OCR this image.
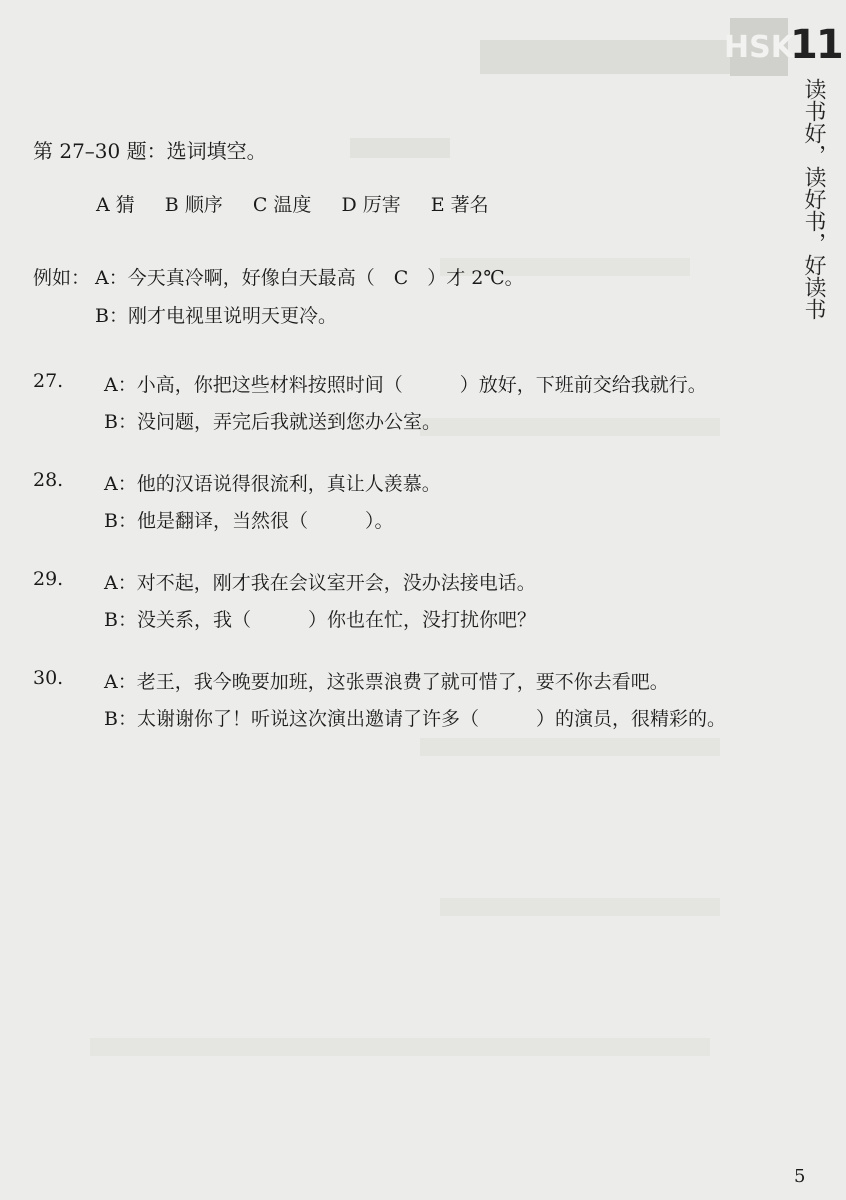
HSK
11
读书好，读好书，好读书
第 27–30 题：选词填空。
A 猜 B 顺序 C 温度 D 厉害 E 著名
例如： A：今天真冷啊，好像白天最高（　C　）才 2℃。
B：刚才电视里说明天更冷。
27. A：小高，你把这些材料按照时间（　　　）放好，下班前交给我就行。
B：没问题，弄完后我就送到您办公室。
28. A：他的汉语说得很流利，真让人羡慕。
B：他是翻译，当然很（　　　）。
29. A：对不起，刚才我在会议室开会，没办法接电话。
B：没关系，我（　　　）你也在忙，没打扰你吧？
30. A：老王，我今晚要加班，这张票浪费了就可惜了，要不你去看吧。
B：太谢谢你了！听说这次演出邀请了许多（　　　）的演员，很精彩的。
5
